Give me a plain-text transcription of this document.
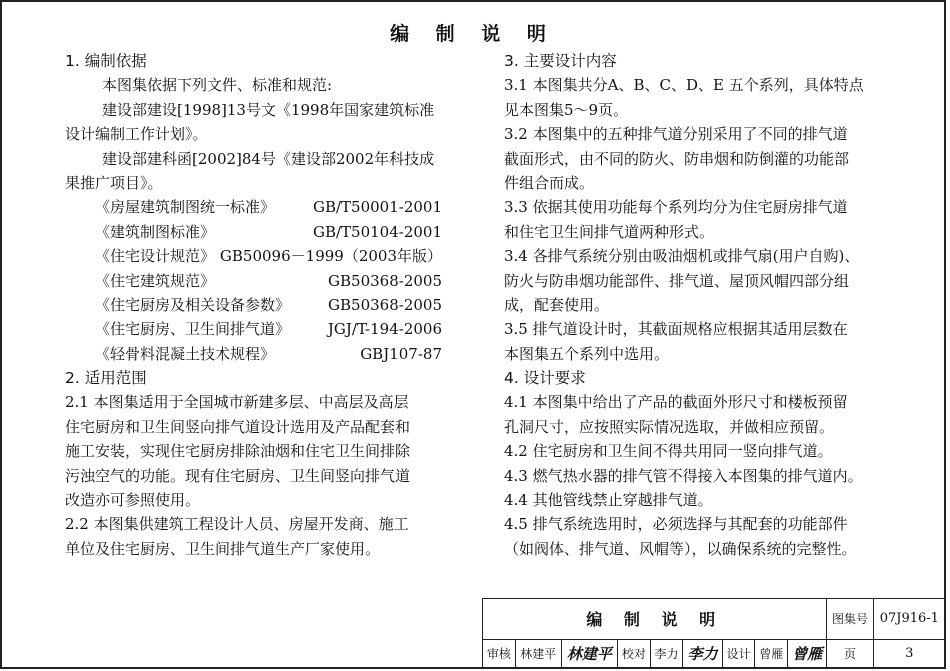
编 制 说 明

1. 编制依据

本图集依据下列文件、标准和规范:

建设部建设[1998]13号文《1998年国家建筑标准

设计编制工作计划》。

建设部建科函[2002]84号《建设部2002年科技成

果推广项目》。

《房屋建筑制图统一标准》	GB/T50001-2001

《建筑制图标准》	GB/T50104-2001

《住宅设计规范》 GB50096－1999（2003年版）

《住宅建筑规范》	GB50368-2005

《住宅厨房及相关设备参数》	GB50368-2005

《住宅厨房、卫生间排气道》	JGJ/T-194-2006

《轻骨料混凝土技术规程》	GBJ107-87

2. 适用范围

2.1 本图集适用于全国城市新建多层、中高层及高层

住宅厨房和卫生间竖向排气道设计选用及产品配套和

施工安装，实现住宅厨房排除油烟和住宅卫生间排除

污浊空气的功能。现有住宅厨房、卫生间竖向排气道

改造亦可参照使用。

2.2 本图集供建筑工程设计人员、房屋开发商、施工

单位及住宅厨房、卫生间排气道生产厂家使用。

3. 主要设计内容

3.1 本图集共分A、B、C、D、E 五个系列，具体特点

见本图集5～9页。

3.2 本图集中的五种排气道分别采用了不同的排气道

截面形式，由不同的防火、防串烟和防倒灌的功能部

件组合而成。

3.3 依据其使用功能每个系列均分为住宅厨房排气道

和住宅卫生间排气道两种形式。

3.4 各排气系统分别由吸油烟机或排气扇(用户自购)、

防火与防串烟功能部件、排气道、屋顶风帽四部分组

成，配套使用。

3.5 排气道设计时，其截面规格应根据其适用层数在

本图集五个系列中选用。

4. 设计要求

4.1 本图集中给出了产品的截面外形尺寸和楼板预留

孔洞尺寸，应按照实际情况选取，并做相应预留。

4.2 住宅厨房和卫生间不得共用同一竖向排气道。

4.3 燃气热水器的排气管不得接入本图集的排气道内。

4.4 其他管线禁止穿越排气道。

4.5 排气系统选用时，必须选择与其配套的功能部件

（如阀体、排气道、风帽等），以确保系统的完整性。

编 制 说 明									图集号	07J916-1
审核	林建平	林建平	校对	李力	李力	设计	曾雁	曾雁	页	3
